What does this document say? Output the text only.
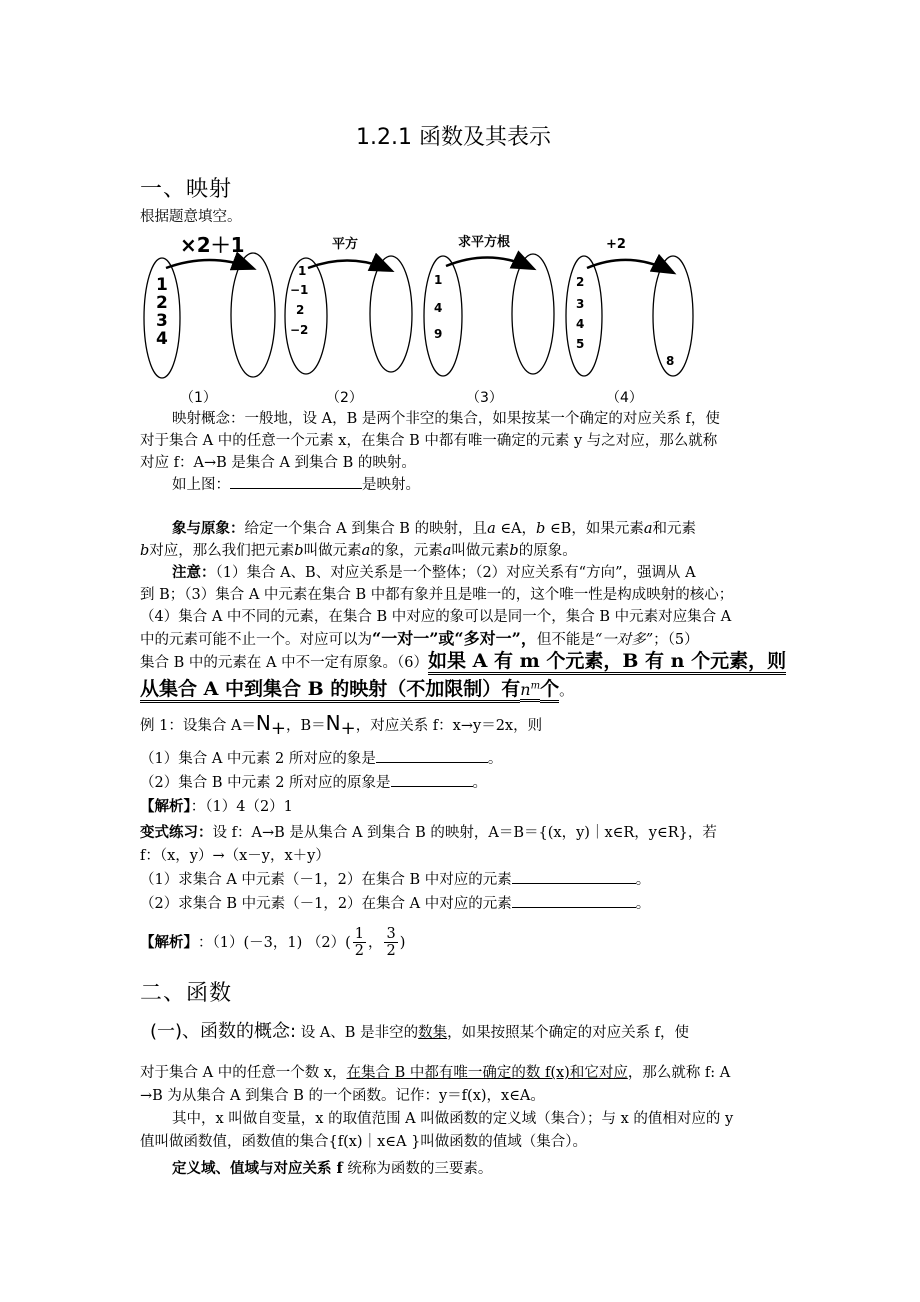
1.2.1 函数及其表示
一、映射
根据题意填空。
×2＋1
1
2
3
4
（1）
平方
1
−1
2
−2
（2）
求平方根
1
4
9
（3）
+2
2
3
4
5
8
（4）
映射概念：一般地，设 A，B 是两个非空的集合，如果按某一个确定的对应关系 f，使
对于集合 A 中的任意一个元素 x，在集合 B 中都有唯一确定的元素 y 与之对应，那么就称
对应 f：A→B 是集合 A 到集合 B 的映射。
如上图：	是映射。
象与原象：给定一个集合 A 到集合 B 的映射，且a ∈A，b ∈B，如果元素a和元素
b对应，那么我们把元素b叫做元素a的象，元素a叫做元素b的原象。
注意：（1）集合 A、B、对应关系是一个整体；（2）对应关系有“方向”，强调从 A
到 B；（3）集合 A 中元素在集合 B 中都有象并且是唯一的，这个唯一性是构成映射的核心；
（4）集合 A 中不同的元素，在集合 B 中对应的象可以是同一个，集合 B 中元素对应集合 A
中的元素可能不止一个。对应可以为“一对一”或“多对一”，但不能是“一对多”；（5）
集合 B 中的元素在 A 中不一定有原象。（6）如果 A 有 m 个元素，B 有 n 个元素，则
从集合 A 中到集合 B 的映射（不加限制）有$n^m$个。
例 1：设集合 $A=N_+$，$B=N_+$，对应关系 f：x→y＝2x，则
（1）集合 A 中元素 2 所对应的象是	。
（2）集合 B 中元素 2 所对应的原象是	。
【解析】：（1）4（2）1
变式练习：设 f：A→B 是从集合 A 到集合 B 的映射，A＝B＝{(x，y)｜x∈R，y∈R}，若
f：（x，y）→（x－y，x＋y）
（1）求集合 A 中元素（－1，2）在集合 B 中对应的元素	。
（2）求集合 B 中元素（－1，2）在集合 A 中对应的元素	。
【解析】 ：（1）(－3，1) $(2)( \frac{1}{2}$ ， $\frac{3}{2}$ )
二、函数
(一)、函数的概念: 设 A、B 是非空的数集，如果按照某个确定的对应关系 f，使
对于集合 A 中的任意一个数 x，在集合 B 中都有唯一确定的数 f(x)和它对应，那么就称 f: A
→B 为从集合 A 到集合 B 的一个函数。记作：y＝f(x)，x∈A。
其中，x 叫做自变量，x 的取值范围 A 叫做函数的定义域（集合）；与 x 的值相对应的 y
值叫做函数值，函数值的集合{f(x)｜x∈A }叫做函数的值域（集合）。
定义域、值域与对应关系 f 统称为函数的三要素。
